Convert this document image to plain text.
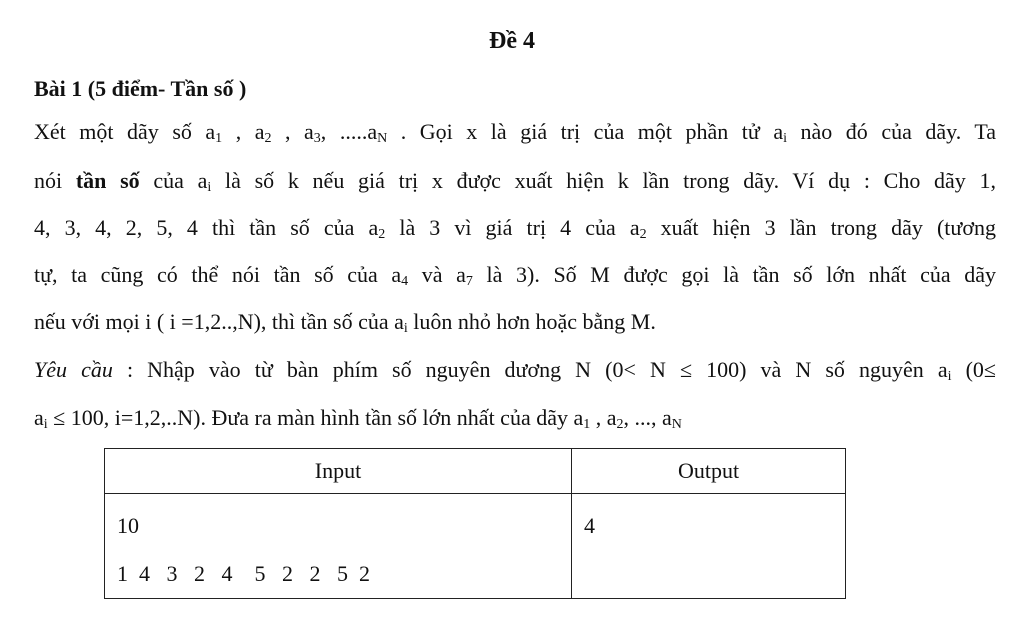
Đề 4
Bài 1 (5 điểm- Tần số )
Xét một dãy số $a_1$ , $a_2$ , $a_3$, $.....a_N$ . Gọi x là giá trị của một phần tử $a_i$ nào đó của dãy. Ta
nói tần số của $a_i$ là số k nếu giá trị x được xuất hiện k lần trong dãy. Ví dụ : Cho dãy 1,
4, 3, 4, 2, 5, 4 thì tần số của $a_2$ là 3 vì giá trị 4 của $a_2$ xuất hiện 3 lần trong dãy (tương
tự, ta cũng có thể nói tần số của $a_4$ và $a_7$ là 3). Số M được gọi là tần số lớn nhất của dãy
nếu với mọi i ( i =1,2..,N), thì tần số của $a_i$ luôn nhỏ hơn hoặc bằng M.
Yêu cầu : Nhập vào từ bàn phím số nguyên dương N (0< N ≤ 100) và N số nguyên $a_i$ (0≤
$a_i \le 100$, i=1,2,..N). Đưa ra màn hình tần số lớn nhất của dãy $a_1$ , $a_2$, ..., $a_N$
Input	Output

10
1  4   3   2   4    5   2   2   5  2	4
